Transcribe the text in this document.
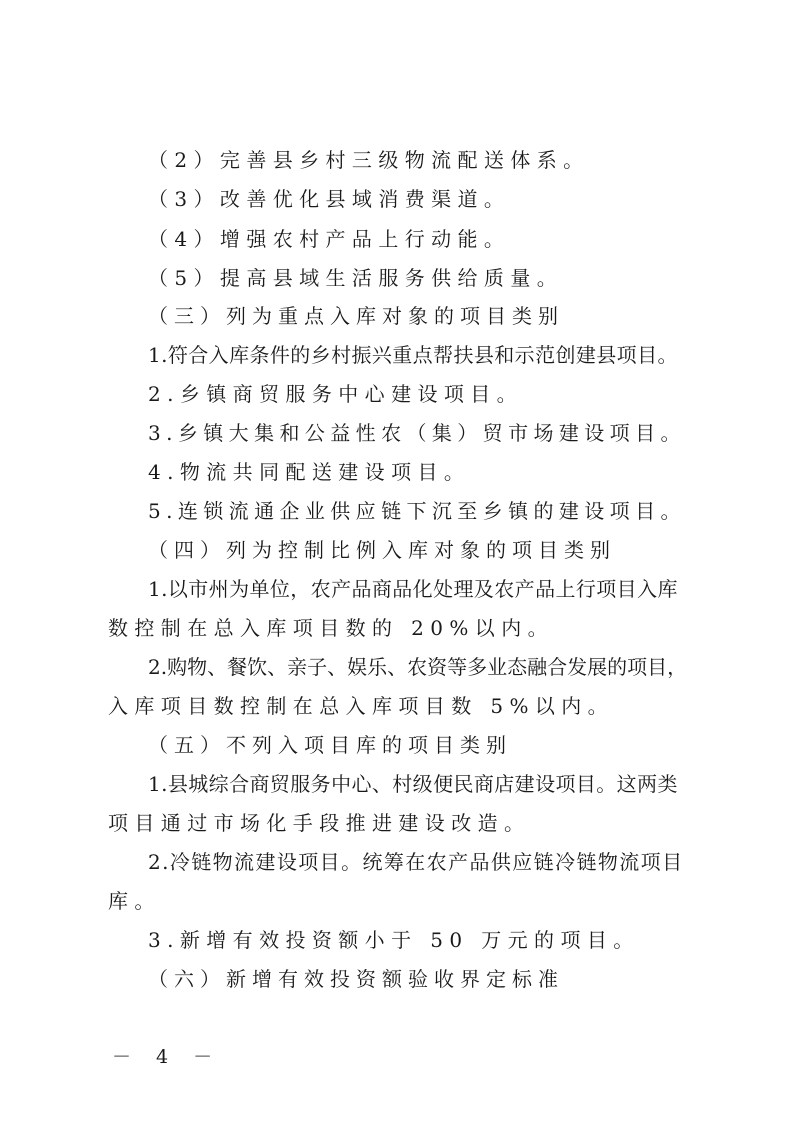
（2）完善县乡村三级物流配送体系。
（3）改善优化县域消费渠道。
（4）增强农村产品上行动能。
（5）提高县域生活服务供给质量。
（三）列为重点入库对象的项目类别
1.符合入库条件的乡村振兴重点帮扶县和示范创建县项目。
2.乡镇商贸服务中心建设项目。
3.乡镇大集和公益性农（集）贸市场建设项目。
4.物流共同配送建设项目。
5.连锁流通企业供应链下沉至乡镇的建设项目。
（四）列为控制比例入库对象的项目类别
1.以市州为单位，农产品商品化处理及农产品上行项目入库
数控制在总入库项目数的 20%以内。
2.购物、餐饮、亲子、娱乐、农资等多业态融合发展的项目，
入库项目数控制在总入库项目数 5%以内。
（五）不列入项目库的项目类别
1.县城综合商贸服务中心、村级便民商店建设项目。这两类
项目通过市场化手段推进建设改造。
2.冷链物流建设项目。统筹在农产品供应链冷链物流项目
库。
3.新增有效投资额小于 50 万元的项目。
（六）新增有效投资额验收界定标准
－ 4 －
